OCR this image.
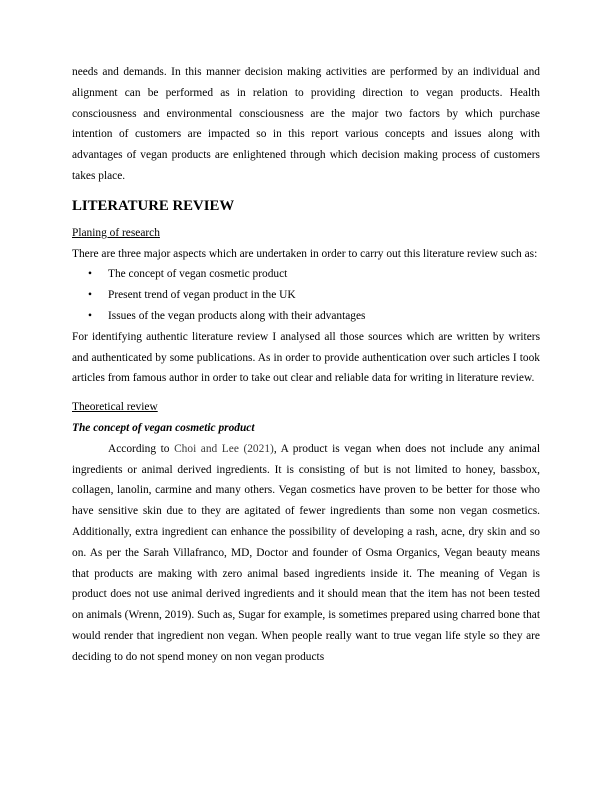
needs and demands. In this manner decision making activities are performed by an individual and alignment can be performed as in relation to providing direction to vegan products. Health consciousness and environmental consciousness are the major two factors by which purchase intention of customers are impacted so in this report various concepts and issues along with advantages of vegan products are enlightened through which decision making process of customers takes place.

LITERATURE REVIEW
Planing of research

There are three major aspects which are undertaken in order to carry out this literature review such as:

• The concept of vegan cosmetic product
• Present trend of vegan product in the UK
• Issues of the vegan products along with their advantages

For identifying authentic literature review I analysed all those sources which are written by writers and authenticated by some publications. As in order to provide authentication over such articles I took articles from famous author in order to take out clear and reliable data for writing in literature review.

Theoretical review
The concept of vegan cosmetic product

According to Choi and Lee (2021), A product is vegan when does not include any animal ingredients or animal derived ingredients. It is consisting of but is not limited to honey, bassbox, collagen, lanolin, carmine and many others. Vegan cosmetics have proven to be better for those who have sensitive skin due to they are agitated of fewer ingredients than some non vegan cosmetics. Additionally, extra ingredient can enhance the possibility of developing a rash, acne, dry skin and so on. As per the Sarah Villafranco, MD, Doctor and founder of Osma Organics, Vegan beauty means that products are making with zero animal based ingredients inside it. The meaning of Vegan is product does not use animal derived ingredients and it should mean that the item has not been tested on animals (Wrenn, 2019). Such as, Sugar for example, is sometimes prepared using charred bone that would render that ingredient non vegan. When people really want to true vegan life style so they are deciding to do not spend money on non vegan products
